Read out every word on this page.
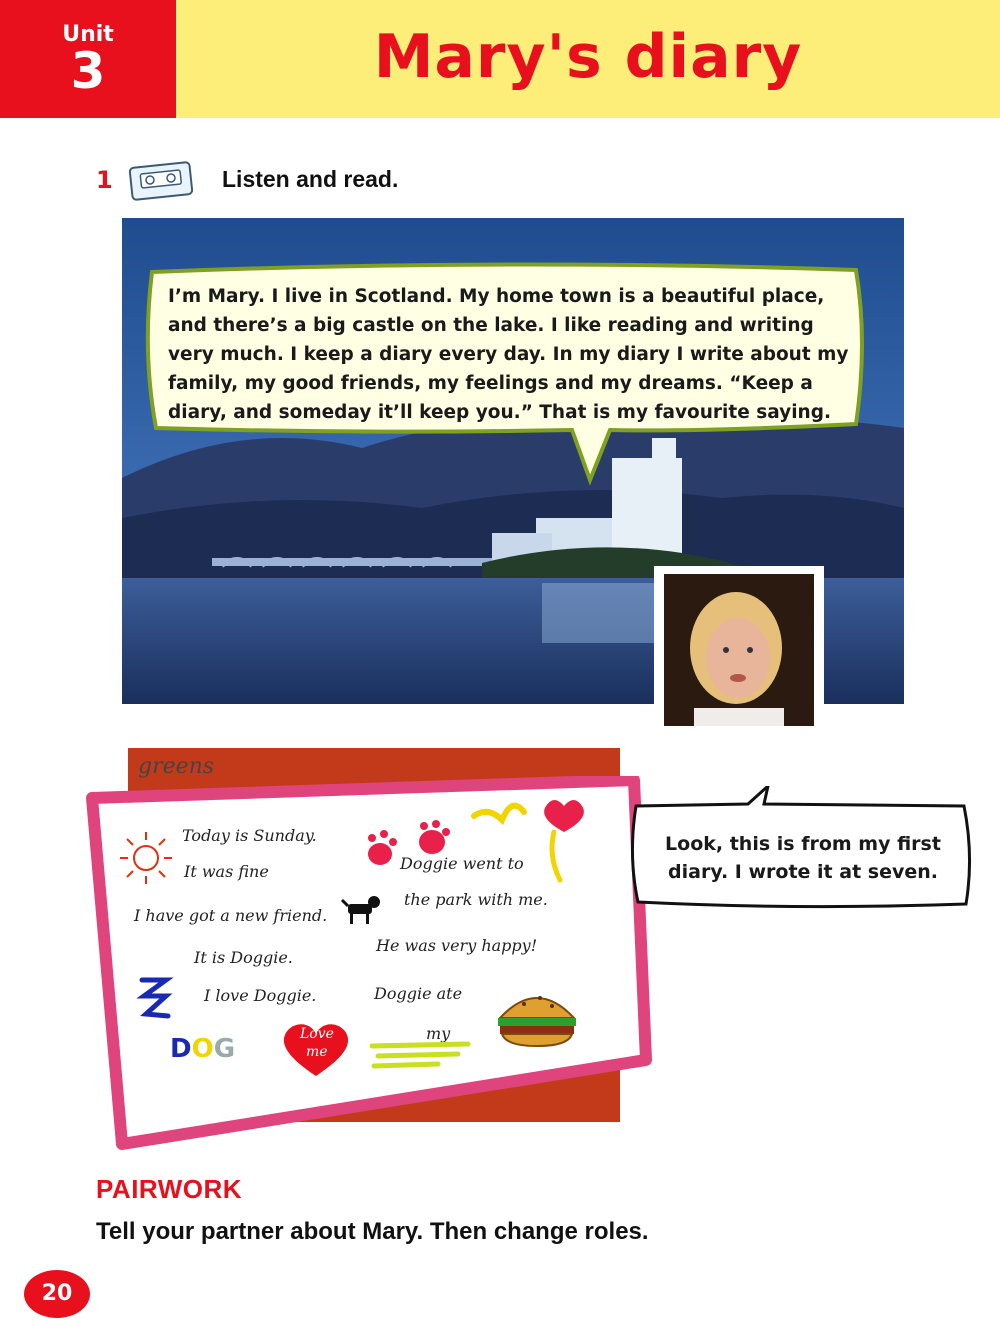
Unit
3	Mary's diary
1	Listen and read.
I’m Mary. I live in Scotland. My home town is a beautiful place, and there’s a big castle on the lake. I like reading and writing very much. I keep a diary every day. In my diary I write about my family, my good friends, my feelings and my dreams. “Keep a diary, and someday it’ll keep you.” That is my favourite saying.
greens
Today is Sunday.
It was fine	Doggie went to
the park with me.
I have got a new friend.
It is Doggie.
He was very happy!
I love Doggie.	Doggie ate
my
DOG	Love
me
Look, this is from my first diary. I wrote it at seven.
PAIRWORK
Tell your partner about Mary. Then change roles.
20
